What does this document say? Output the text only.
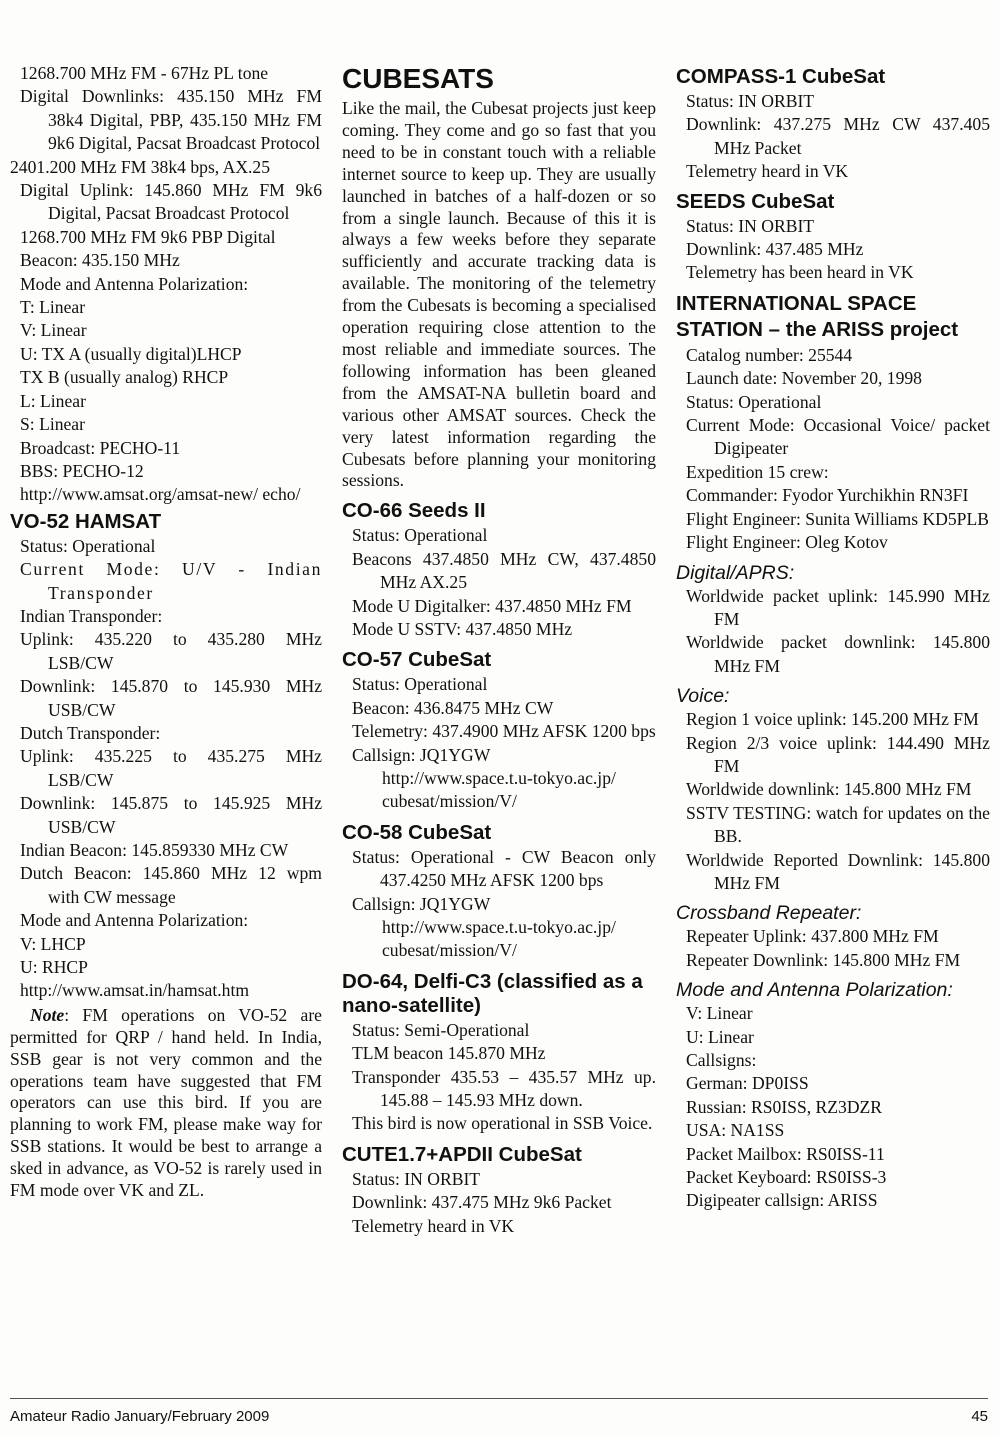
1268.700 MHz FM - 67Hz PL tone
Digital Downlinks: 435.150 MHz FM 38k4 Digital, PBP, 435.150 MHz FM 9k6 Digital, Pacsat Broadcast Protocol
2401.200 MHz FM 38k4 bps, AX.25
Digital Uplink: 145.860 MHz FM 9k6 Digital, Pacsat Broadcast Protocol
1268.700 MHz FM 9k6 PBP Digital
Beacon: 435.150 MHz
Mode and Antenna Polarization:
T: Linear
V: Linear
U: TX A (usually digital)LHCP
TX B (usually analog) RHCP
L: Linear
S: Linear
Broadcast: PECHO-11
BBS: PECHO-12
http://www.amsat.org/amsat-new/ echo/
VO-52 HAMSAT
Status: Operational
Current Mode: U/V - Indian Transponder
Indian Transponder:
Uplink: 435.220 to 435.280 MHz LSB/CW
Downlink: 145.870 to 145.930 MHz USB/CW
Dutch Transponder:
Uplink: 435.225 to 435.275 MHz LSB/CW
Downlink: 145.875 to 145.925 MHz USB/CW
Indian Beacon: 145.859330 MHz CW
Dutch Beacon: 145.860 MHz 12 wpm with CW message
Mode and Antenna Polarization:
V: LHCP
U: RHCP
http://www.amsat.in/hamsat.htm
Note: FM operations on VO-52 are permitted for QRP / hand held. In India, SSB gear is not very common and the operations team have suggested that FM operators can use this bird. If you are planning to work FM, please make way for SSB stations. It would be best to arrange a sked in advance, as VO-52 is rarely used in FM mode over VK and ZL.
CUBESATS
Like the mail, the Cubesat projects just keep coming. They come and go so fast that you need to be in constant touch with a reliable internet source to keep up. They are usually launched in batches of a half-dozen or so from a single launch. Because of this it is always a few weeks before they separate sufficiently and accurate tracking data is available. The monitoring of the telemetry from the Cubesats is becoming a specialised operation requiring close attention to the most reliable and immediate sources. The following information has been gleaned from the AMSAT-NA bulletin board and various other AMSAT sources. Check the very latest information regarding the Cubesats before planning your monitoring sessions.
CO-66 Seeds II
Status: Operational
Beacons 437.4850 MHz CW, 437.4850 MHz AX.25
Mode U Digitalker: 437.4850 MHz FM
Mode U SSTV: 437.4850 MHz
CO-57 CubeSat
Status: Operational
Beacon: 436.8475 MHz CW
Telemetry: 437.4900 MHz AFSK 1200 bps
Callsign: JQ1YGW
http://www.space.t.u-tokyo.ac.jp/ cubesat/mission/V/
CO-58 CubeSat
Status: Operational - CW Beacon only 437.4250 MHz AFSK 1200 bps
Callsign: JQ1YGW
http://www.space.t.u-tokyo.ac.jp/ cubesat/mission/V/
DO-64, Delfi-C3 (classified as a nano-satellite)
Status: Semi-Operational
TLM beacon 145.870 MHz
Transponder 435.53 – 435.57 MHz up. 145.88 – 145.93 MHz down.
This bird is now operational in SSB Voice.
CUTE1.7+APDII CubeSat
Status: IN ORBIT
Downlink: 437.475 MHz 9k6 Packet
Telemetry heard in VK
COMPASS-1 CubeSat
Status: IN ORBIT
Downlink: 437.275 MHz CW 437.405 MHz Packet
Telemetry heard in VK
SEEDS CubeSat
Status: IN ORBIT
Downlink: 437.485 MHz
Telemetry has been heard in VK
INTERNATIONAL SPACE STATION – the ARISS project
Catalog number: 25544
Launch date: November 20, 1998
Status: Operational
Current Mode: Occasional Voice/ packet Digipeater
Expedition 15 crew:
Commander: Fyodor Yurchikhin RN3FI
Flight Engineer: Sunita Williams KD5PLB
Flight Engineer: Oleg Kotov
Digital/APRS:
Worldwide packet uplink: 145.990 MHz FM
Worldwide packet downlink: 145.800 MHz FM
Voice:
Region 1 voice uplink: 145.200 MHz FM
Region 2/3 voice uplink: 144.490 MHz FM
Worldwide downlink: 145.800 MHz FM
SSTV TESTING: watch for updates on the BB.
Worldwide Reported Downlink: 145.800 MHz FM
Crossband Repeater:
Repeater Uplink: 437.800 MHz FM
Repeater Downlink: 145.800 MHz FM
Mode and Antenna Polarization:
V: Linear
U: Linear
Callsigns:
German: DP0ISS
Russian: RS0ISS, RZ3DZR
USA: NA1SS
Packet Mailbox: RS0ISS-11
Packet Keyboard: RS0ISS-3
Digipeater callsign: ARISS
Amateur Radio January/February 2009	45
